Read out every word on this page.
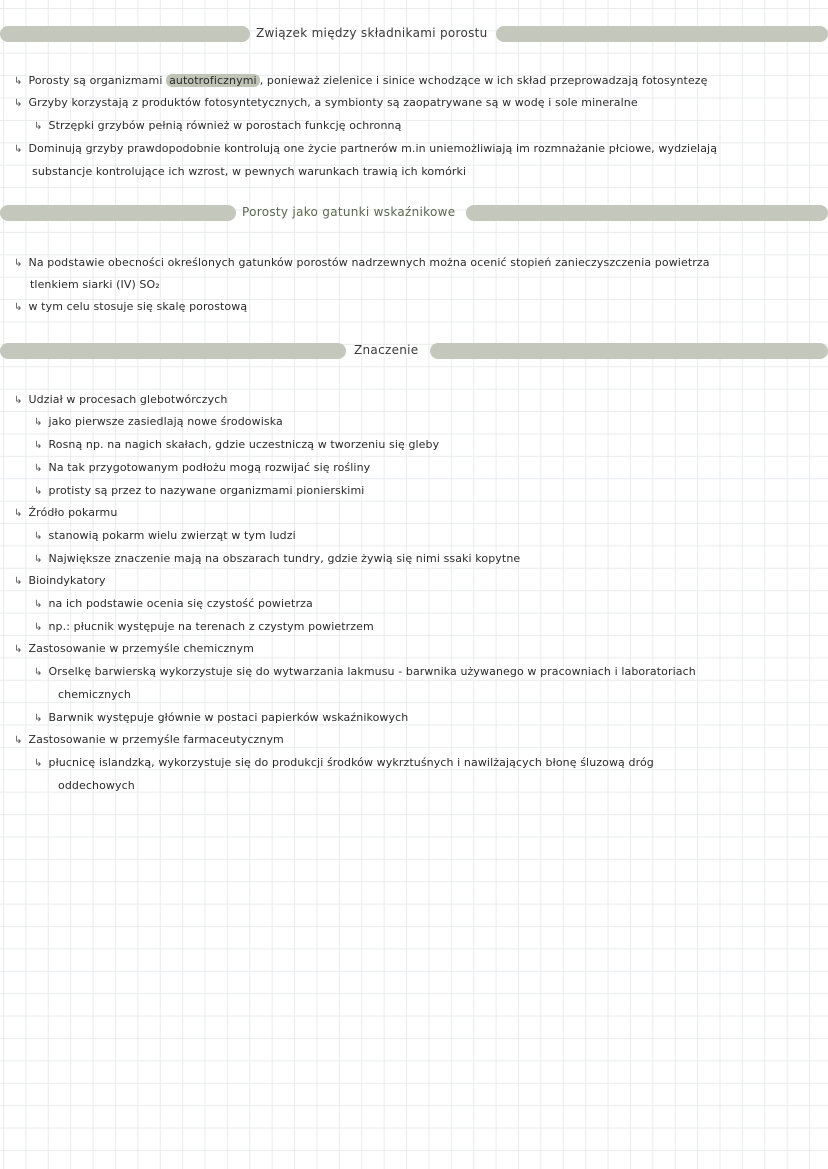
Związek między składnikami porostu
↳ Porosty są organizmami autotroficznymi , ponieważ zielenice i sinice wchodzące w ich skład przeprowadzają fotosyntezę
↳ Grzyby korzystają z produktów fotosyntetycznych, a symbionty są zaopatrywane są w wodę i sole mineralne
↳ Strzępki grzybów pełnią również w porostach funkcję ochronną
↳ Dominują grzyby prawdopodobnie kontrolują one życie partnerów m.in uniemożliwiają im rozmnażanie płciowe, wydzielają
substancje kontrolujące ich wzrost, w pewnych warunkach trawią ich komórki
Porosty jako gatunki wskaźnikowe
↳ Na podstawie obecności określonych gatunków porostów nadrzewnych można ocenić stopień zanieczyszczenia powietrza
tlenkiem siarki (IV) SO₂
↳ w tym celu stosuje się skalę porostową
Znaczenie
↳ Udział w procesach glebotwórczych
↳ jako pierwsze zasiedlają nowe środowiska
↳ Rosną np. na nagich skałach, gdzie uczestniczą w tworzeniu się gleby
↳ Na tak przygotowanym podłożu mogą rozwijać się rośliny
↳ protisty są przez to nazywane organizmami pionierskimi
↳ Źródło pokarmu
↳ stanowią pokarm wielu zwierząt w tym ludzi
↳ Największe znaczenie mają na obszarach tundry, gdzie żywią się nimi ssaki kopytne
↳ Bioindykatory
↳ na ich podstawie ocenia się czystość powietrza
↳ np.: płucnik występuje na terenach z czystym powietrzem
↳ Zastosowanie w przemyśle chemicznym
↳ Orselkę barwierską wykorzystuje się do wytwarzania lakmusu - barwnika używanego w pracowniach i laboratoriach
chemicznych
↳ Barwnik występuje głównie w postaci papierków wskaźnikowych
↳ Zastosowanie w przemyśle farmaceutycznym
↳ płucnicę islandzką, wykorzystuje się do produkcji środków wykrztuśnych i nawilżających błonę śluzową dróg
oddechowych
